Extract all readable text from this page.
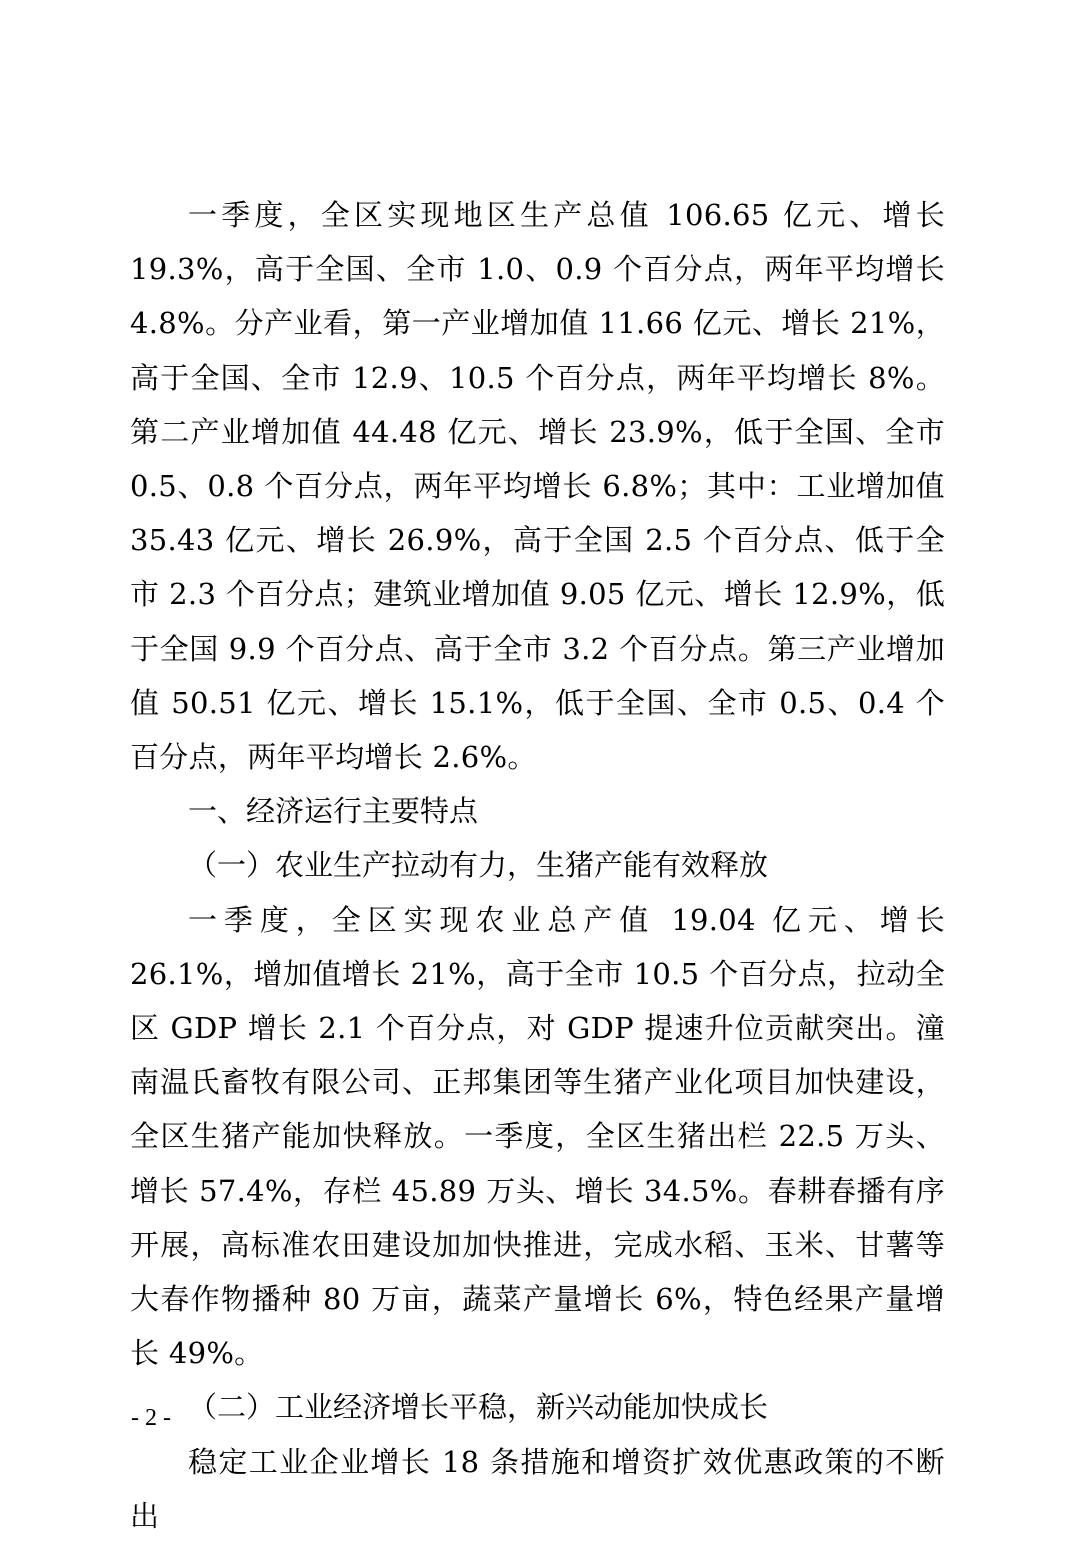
一季度，全区实现地区生产总值 106.65 亿元、增长 19.3%，高于全国、全市 1.0、0.9 个百分点，两年平均增长 4.8%。分产业看，第一产业增加值 11.66 亿元、增长 21%，高于全国、全市 12.9、10.5 个百分点，两年平均增长 8%。第二产业增加值 44.48 亿元、增长 23.9%，低于全国、全市 0.5、0.8 个百分点，两年平均增长 6.8%；其中：工业增加值 35.43 亿元、增长 26.9%，高于全国 2.5 个百分点、低于全市 2.3 个百分点；建筑业增加值 9.05 亿元、增长 12.9%，低于全国 9.9 个百分点、高于全市 3.2 个百分点。第三产业增加值 50.51 亿元、增长 15.1%，低于全国、全市 0.5、0.4 个百分点，两年平均增长 2.6%。

一、经济运行主要特点

（一）农业生产拉动有力，生猪产能有效释放

一季度，全区实现农业总产值 19.04 亿元、增长 26.1%，增加值增长 21%，高于全市 10.5 个百分点，拉动全区 GDP 增长 2.1 个百分点，对 GDP 提速升位贡献突出。潼南温氏畜牧有限公司、正邦集团等生猪产业化项目加快建设，全区生猪产能加快释放。一季度，全区生猪出栏 22.5 万头、增长 57.4%，存栏 45.89 万头、增长 34.5%。春耕春播有序开展，高标准农田建设加加快推进，完成水稻、玉米、甘薯等大春作物播种 80 万亩，蔬菜产量增长 6%，特色经果产量增长 49%。

（二）工业经济增长平稳，新兴动能加快成长

稳定工业企业增长 18 条措施和增资扩效优惠政策的不断出

- 2 -
